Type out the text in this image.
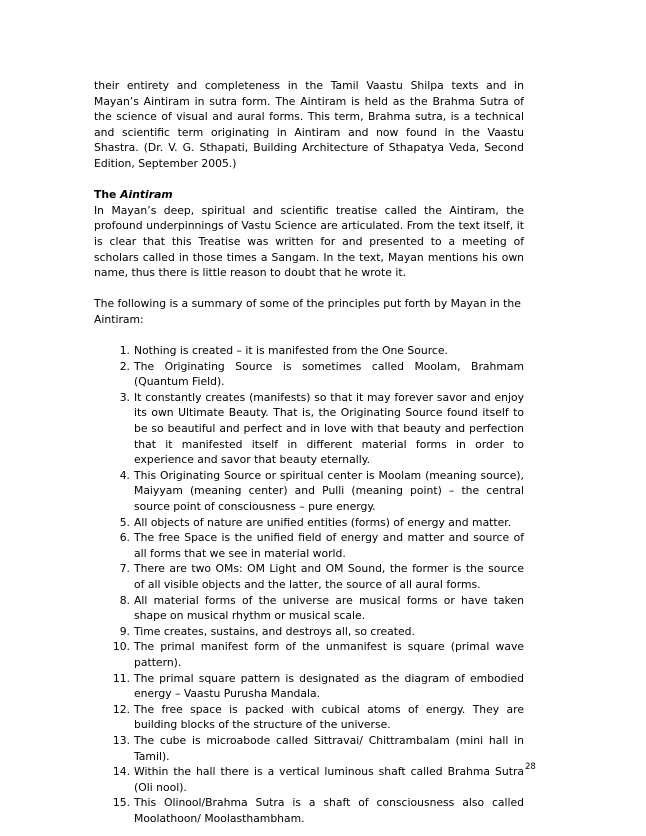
their entirety and completeness in the Tamil Vaastu Shilpa texts and in Mayan’s Aintiram in sutra form. The Aintiram is held as the Brahma Sutra of the science of visual and aural forms. This term, Brahma sutra, is a technical and scientific term originating in Aintiram and now found in the Vaastu Shastra. (Dr. V. G. Sthapati, Building Architecture of Sthapatya Veda, Second Edition, September 2005.)

The Aintiram

In Mayan’s deep, spiritual and scientific treatise called the Aintiram, the profound underpinnings of Vastu Science are articulated. From the text itself, it is clear that this Treatise was written for and presented to a meeting of scholars called in those times a Sangam. In the text, Mayan mentions his own name, thus there is little reason to doubt that he wrote it.

The following is a summary of some of the principles put forth by Mayan in the Aintiram:

1. Nothing is created – it is manifested from the One Source.
2. The Originating Source is sometimes called Moolam, Brahmam (Quantum Field).
3. It constantly creates (manifests) so that it may forever savor and enjoy its own Ultimate Beauty. That is, the Originating Source found itself to be so beautiful and perfect and in love with that beauty and perfection that it manifested itself in different material forms in order to experience and savor that beauty eternally.
4. This Originating Source or spiritual center is Moolam (meaning source), Maiyyam (meaning center) and Pulli (meaning point) – the central source point of consciousness – pure energy.
5. All objects of nature are unified entities (forms) of energy and matter.
6. The free Space is the unified field of energy and matter and source of all forms that we see in material world.
7. There are two OMs: OM Light and OM Sound, the former is the source of all visible objects and the latter, the source of all aural forms.
8. All material forms of the universe are musical forms or have taken shape on musical rhythm or musical scale.
9. Time creates, sustains, and destroys all, so created.
10. The primal manifest form of the unmanifest is square (primal wave pattern).
11. The primal square pattern is designated as the diagram of embodied energy – Vaastu Purusha Mandala.
12. The free space is packed with cubical atoms of energy. They are building blocks of the structure of the universe.
13. The cube is microabode called Sittravai/ Chittrambalam (mini hall in Tamil).
14. Within the hall there is a vertical luminous shaft called Brahma Sutra (Oli nool).
15. This Olinool/Brahma Sutra is a shaft of consciousness also called Moolathoon/ Moolasthambham.
28
